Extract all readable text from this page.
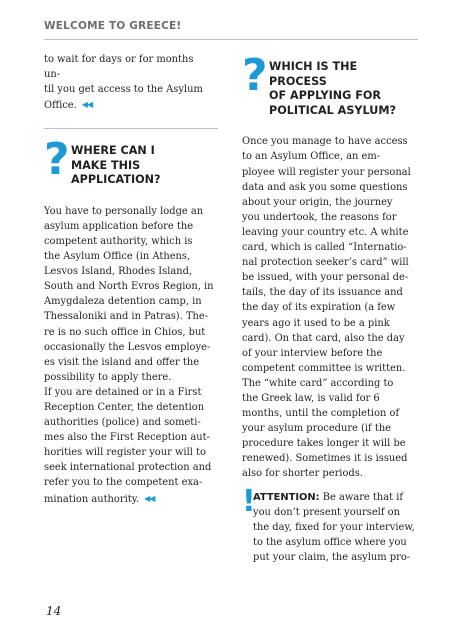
WELCOME TO GREECE!

to wait for days or for months un-
til you get access to the Asylum
Office. ◀◀

? WHERE CAN I
MAKE THIS
APPLICATION?

You have to personally lodge an
asylum application before the
competent authority, which is
the Asylum Office (in Athens,
Lesvos Island, Rhodes Island,
South and North Evros Region, in
Amygdaleza detention camp, in
Thessaloniki and in Patras). The-
re is no such office in Chios, but
occasionally the Lesvos employe-
es visit the island and offer the
possibility to apply there.
If you are detained or in a First
Reception Center, the detention
authorities (police) and someti-
mes also the First Reception aut-
horities will register your will to
seek international protection and
refer you to the competent exa-
mination authority. ◀◀

? WHICH IS THE PROCESS
OF APPLYING FOR
POLITICAL ASYLUM?

Once you manage to have access
to an Asylum Office, an em-
ployee will register your personal
data and ask you some questions
about your origin, the journey
you undertook, the reasons for
leaving your country etc. A white
card, which is called “Internatio-
nal protection seeker’s card” will
be issued, with your personal de-
tails, the day of its issuance and
the day of its expiration (a few
years ago it used to be a pink
card). On that card, also the day
of your interview before the
competent committee is written.
The “white card” according to
the Greek law, is valid for 6
months, until the completion of
your asylum procedure (if the
procedure takes longer it will be
renewed). Sometimes it is issued
also for shorter periods.

!

ATTENTION: Be aware that if
you don’t present yourself on
the day, fixed for your interview,
to the asylum office where you
put your claim, the asylum pro-

14
